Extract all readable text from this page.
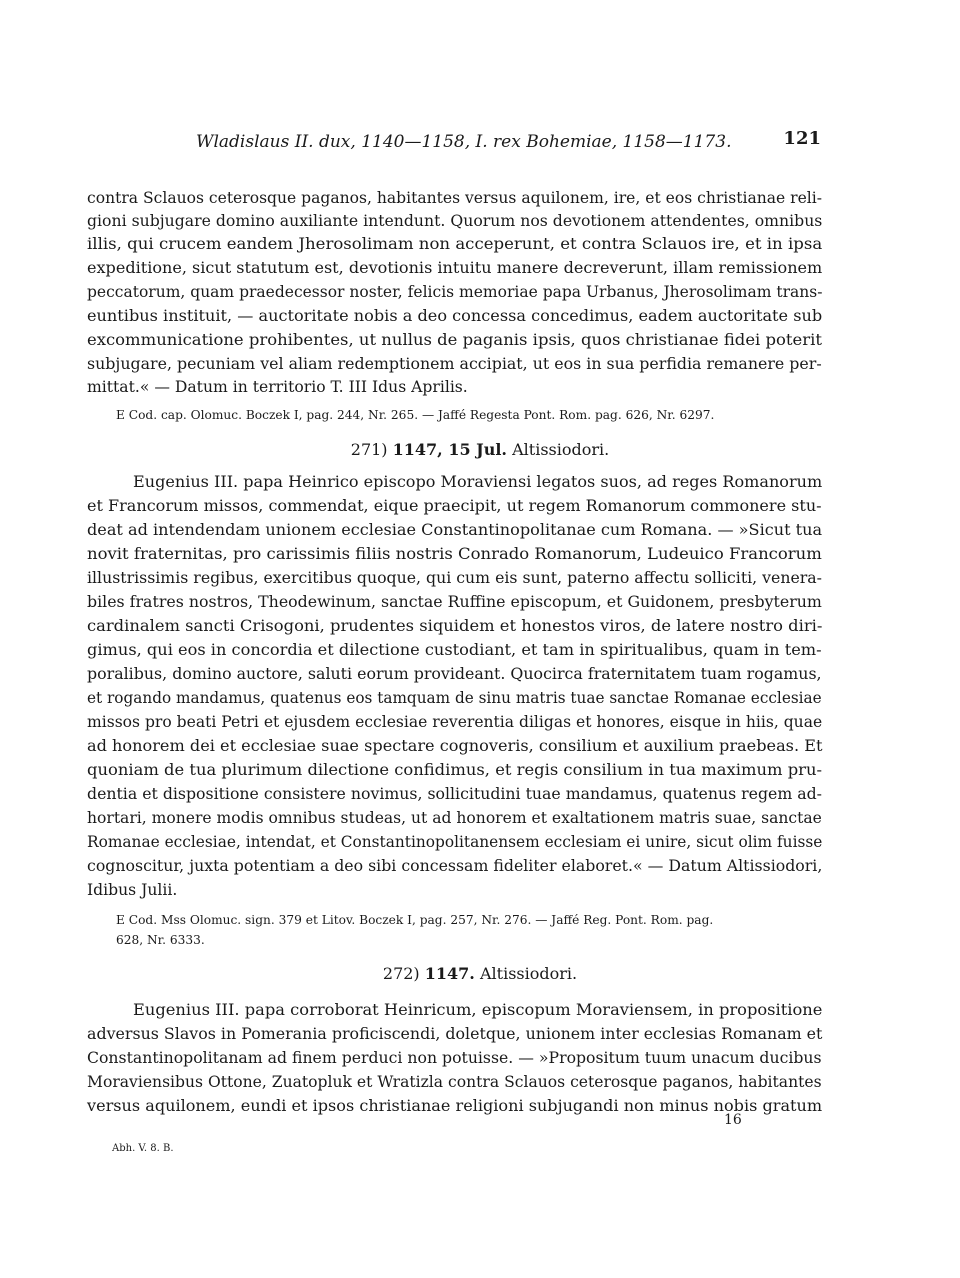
Wladislaus II. dux, 1140—1158, I. rex Bohemiae, 1158—1173.	121
contra Sclauos ceterosque paganos, habitantes versus aquilonem, ire, et eos christianae reli-
gioni subjugare domino auxiliante intendunt. Quorum nos devotionem attendentes, omnibus
illis, qui crucem eandem Jherosolimam non acceperunt, et contra Sclauos ire, et in ipsa
expeditione, sicut statutum est, devotionis intuitu manere decreverunt, illam remissionem
peccatorum, quam praedecessor noster, felicis memoriae papa Urbanus, Jherosolimam trans-
euntibus instituit, — auctoritate nobis a deo concessa concedimus, eadem auctoritate sub
excommunicatione prohibentes, ut nullus de paganis ipsis, quos christianae fidei poterit
subjugare, pecuniam vel aliam redemptionem accipiat, ut eos in sua perfidia remanere per-
mittat.« — Datum in territorio T. III Idus Aprilis.
E Cod. cap. Olomuc. Boczek I, pag. 244, Nr. 265. — Jaffé Regesta Pont. Rom. pag. 626, Nr. 6297.
271) 1147, 15 Jul. Altissiodori.
Eugenius III. papa Heinrico episcopo Moraviensi legatos suos, ad reges Romanorum
et Francorum missos, commendat, eique praecipit, ut regem Romanorum commonere stu-
deat ad intendendam unionem ecclesiae Constantinopolitanae cum Romana. — »Sicut tua
novit fraternitas, pro carissimis filiis nostris Conrado Romanorum, Ludeuico Francorum
illustrissimis regibus, exercitibus quoque, qui cum eis sunt, paterno affectu solliciti, venera-
biles fratres nostros, Theodewinum, sanctae Ruffine episcopum, et Guidonem, presbyterum
cardinalem sancti Crisogoni, prudentes siquidem et honestos viros, de latere nostro diri-
gimus, qui eos in concordia et dilectione custodiant, et tam in spiritualibus, quam in tem-
poralibus, domino auctore, saluti eorum provideant. Quocirca fraternitatem tuam rogamus,
et rogando mandamus, quatenus eos tamquam de sinu matris tuae sanctae Romanae ecclesiae
missos pro beati Petri et ejusdem ecclesiae reverentia diligas et honores, eisque in hiis, quae
ad honorem dei et ecclesiae suae spectare cognoveris, consilium et auxilium praebeas. Et
quoniam de tua plurimum dilectione confidimus, et regis consilium in tua maximum pru-
dentia et dispositione consistere novimus, sollicitudini tuae mandamus, quatenus regem ad-
hortari, monere modis omnibus studeas, ut ad honorem et exaltationem matris suae, sanctae
Romanae ecclesiae, intendat, et Constantinopolitanensem ecclesiam ei unire, sicut olim fuisse
cognoscitur, juxta potentiam a deo sibi concessam fideliter elaboret.« — Datum Altissiodori,
Idibus Julii.
E Cod. Mss Olomuc. sign. 379 et Litov. Boczek I, pag. 257, Nr. 276. — Jaffé Reg. Pont. Rom. pag.
628, Nr. 6333.
272) 1147. Altissiodori.
Eugenius III. papa corroborat Heinricum, episcopum Moraviensem, in propositione
adversus Slavos in Pomerania proficiscendi, doletque, unionem inter ecclesias Romanam et
Constantinopolitanam ad finem perduci non potuisse. — »Propositum tuum unacum ducibus
Moraviensibus Ottone, Zuatopluk et Wratizla contra Sclauos ceterosque paganos, habitantes
versus aquilonem, eundi et ipsos christianae religioni subjugandi non minus nobis gratum
Abh. V. 8. B.
16
